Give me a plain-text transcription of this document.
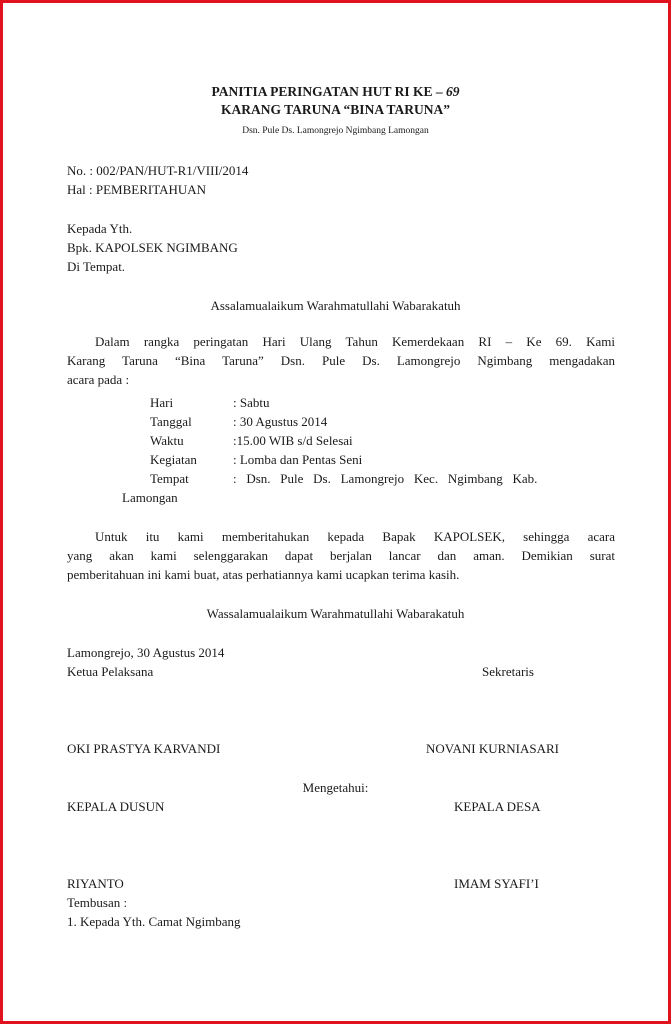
PANITIA PERINGATAN HUT RI KE – 69
KARANG TARUNA “BINA TARUNA”
Dsn. Pule Ds. Lamongrejo Ngimbang Lamongan
No. : 002/PAN/HUT-R1/VIII/2014
Hal : PEMBERITAHUAN
Kepada Yth.
Bpk. KAPOLSEK NGIMBANG
Di Tempat.
Assalamualaikum Warahmatullahi Wabarakatuh
Dalam rangka peringatan Hari Ulang Tahun Kemerdekaan RI – Ke 69. Kami
Karang Taruna “Bina Taruna” Dsn. Pule Ds. Lamongrejo Ngimbang mengadakan
acara pada :
Hari	: Sabtu
Tanggal	: 30 Agustus 2014
Waktu	:15.00 WIB s/d Selesai
Kegiatan	: Lomba dan Pentas Seni
Tempat	:   Dsn.   Pule   Ds.   Lamongrejo   Kec.   Ngimbang   Kab.
Lamongan
Untuk itu kami memberitahukan kepada Bapak KAPOLSEK, sehingga acara
yang akan kami selenggarakan dapat berjalan lancar dan aman. Demikian surat
pemberitahuan ini kami buat, atas perhatiannya kami ucapkan terima kasih.
Wassalamualaikum Warahmatullahi Wabarakatuh
Lamongrejo, 30 Agustus 2014
Ketua Pelaksana	Sekretaris
OKI PRASTYA KARVANDI	NOVANI KURNIASARI
Mengetahui:
KEPALA DUSUN	KEPALA DESA
RIYANTO	IMAM SYAFI’I
Tembusan :
1. Kepada Yth. Camat Ngimbang
